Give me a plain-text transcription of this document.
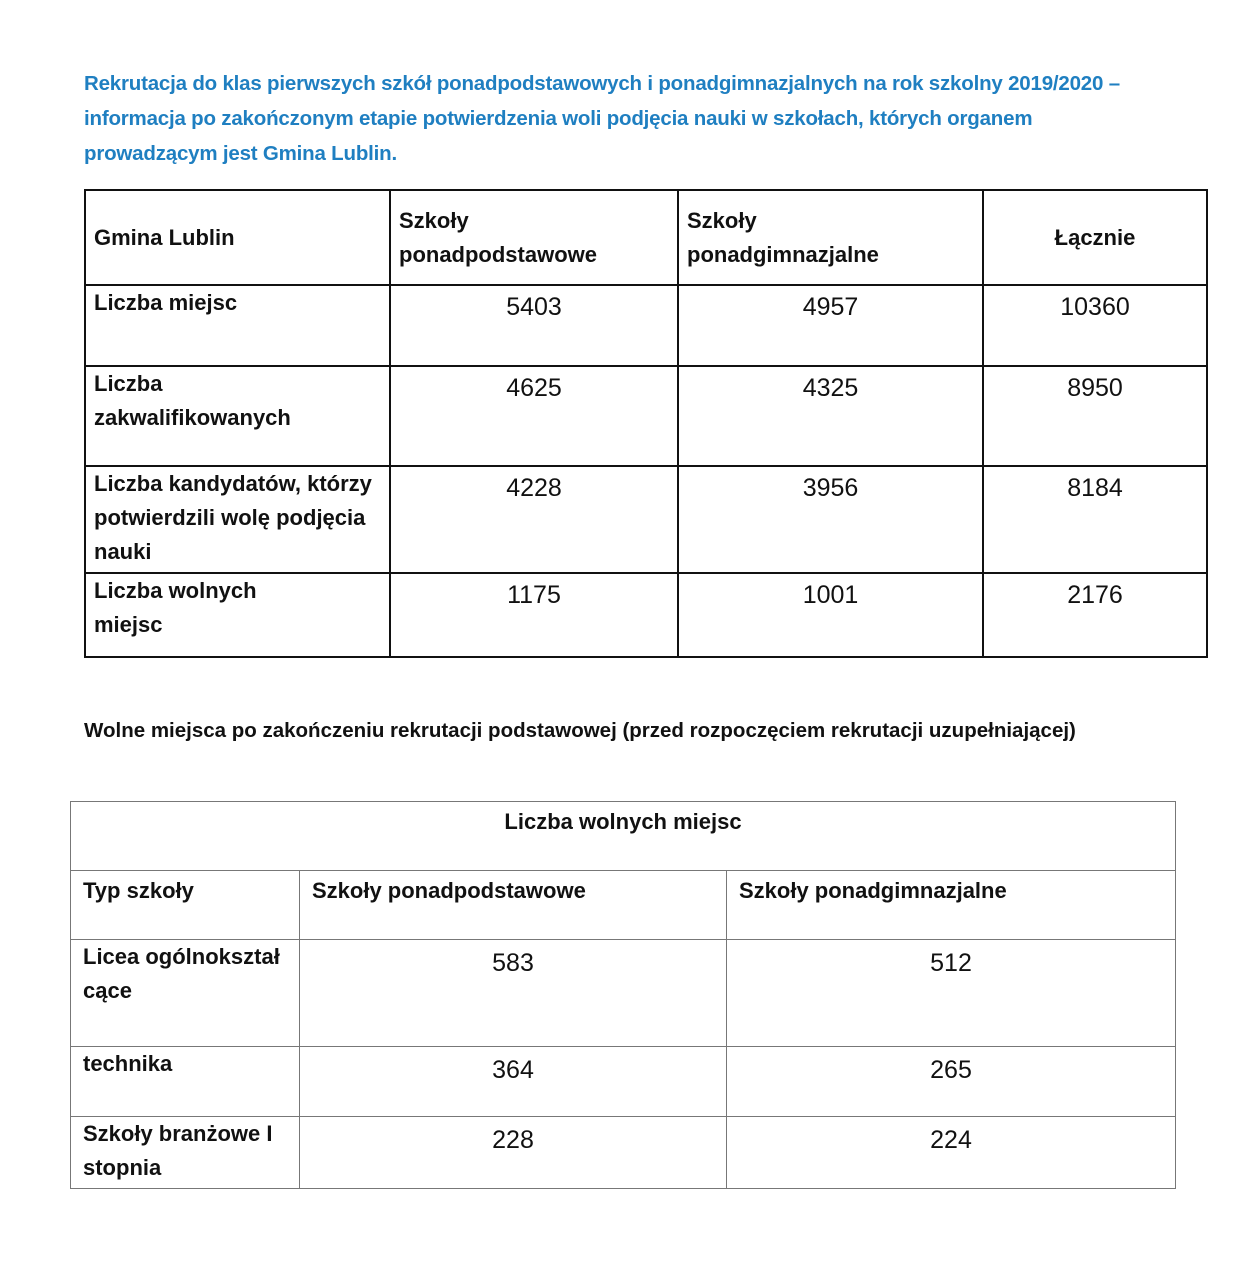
Rekrutacja do klas pierwszych szkół ponadpodstawowych i ponadgimnazjalnych na rok szkolny 2019/2020 – informacja po zakończonym etapie potwierdzenia woli podjęcia nauki w szkołach, których organem prowadzącym jest Gmina Lublin.
Gmina Lublin	Szkoły ponadpodstawowe	Szkoły ponadgimnazjalne	Łącznie
Liczba miejsc	5403	4957	10360

Liczba zakwalifikowanych	4625	4325	8950
Liczba kandydatów, którzy potwierdzili wolę podjęcia nauki	4228	3956	8184

Liczba wolnych miejsc	1175	1001	2176
Wolne miejsca po zakończeniu rekrutacji podstawowej (przed rozpoczęciem rekrutacji uzupełniającej)
Liczba wolnych miejsc		
Typ szkoły	Szkoły ponadpodstawowe	Szkoły ponadgimnazjalne
Licea ogólnokształcące	583	512
technika	364	265
Szkoły branżowe I stopnia	228	224
